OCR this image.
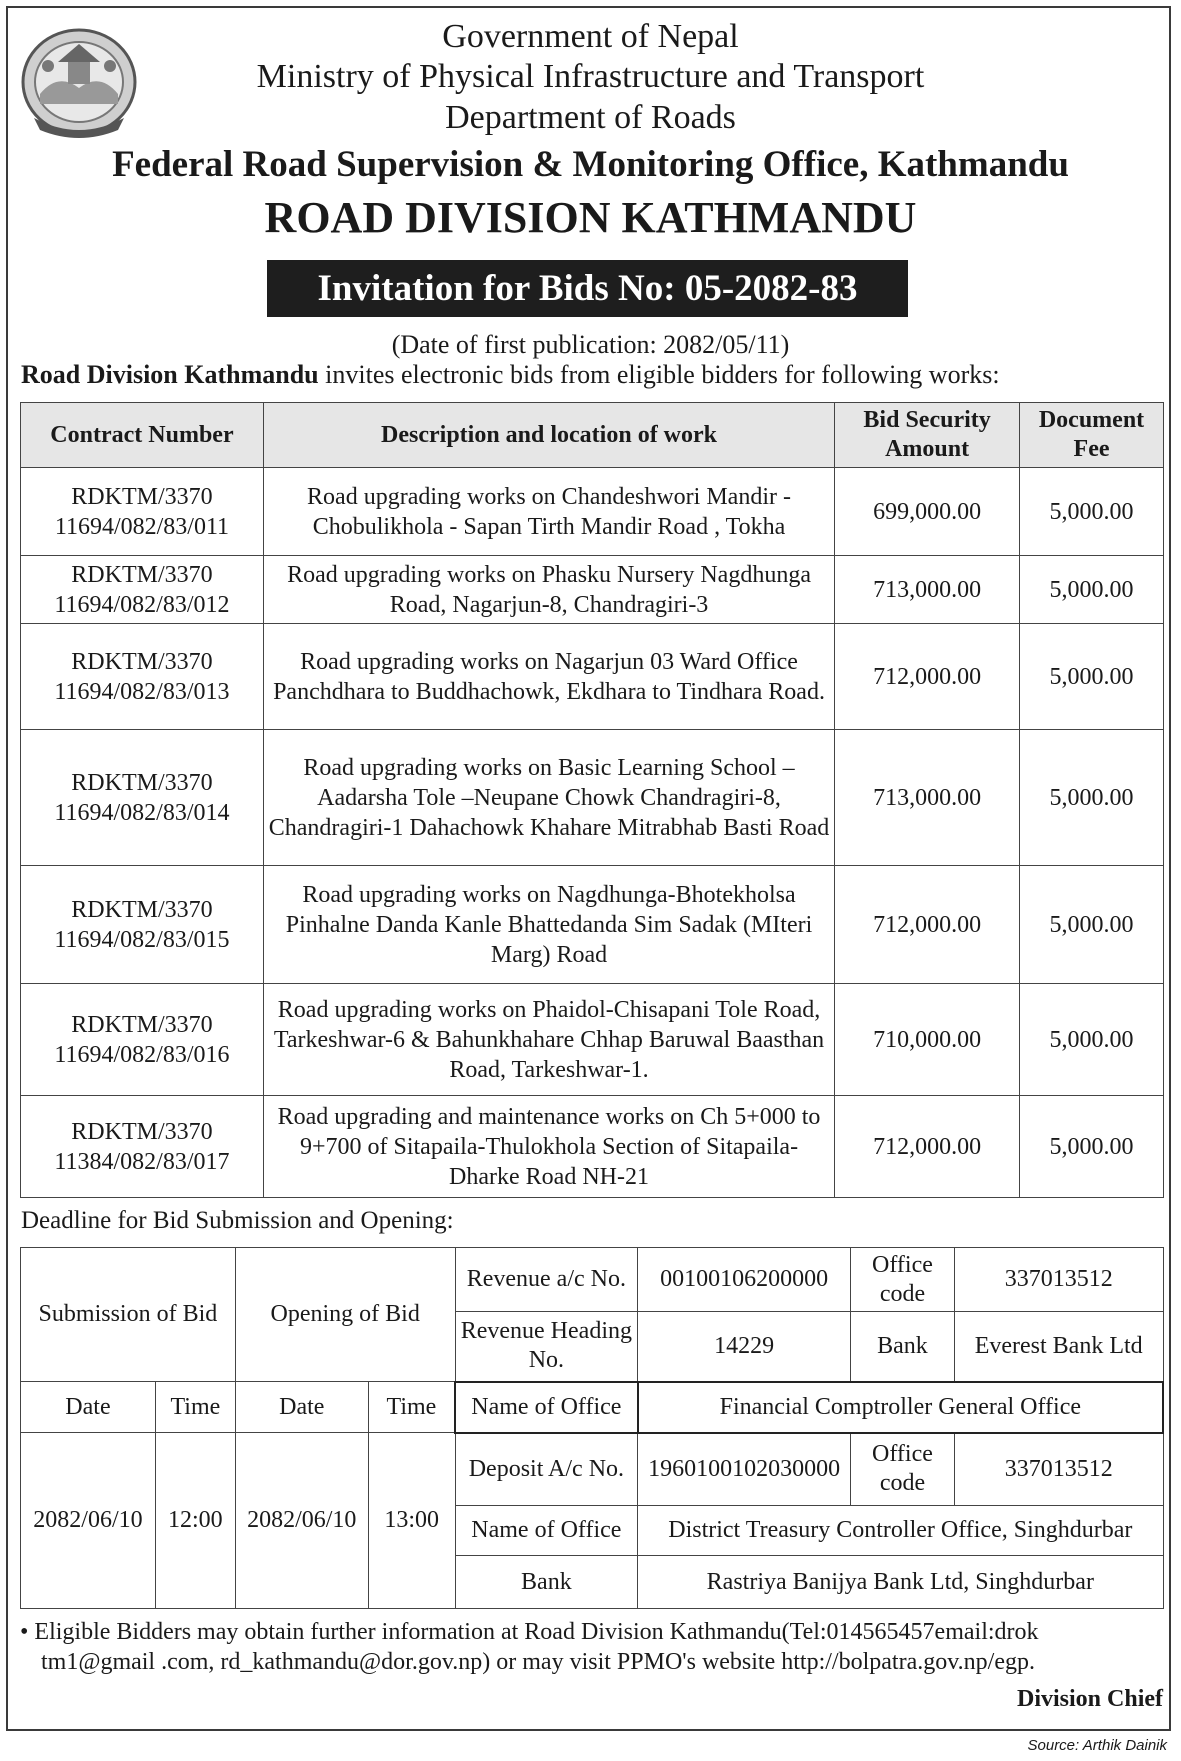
Government of Nepal
Ministry of Physical Infrastructure and Transport
Department of Roads
Federal Road Supervision & Monitoring Office, Kathmandu
ROAD DIVISION KATHMANDU
Invitation for Bids No: 05-2082-83
(Date of first publication: 2082/05/11)
Road Division Kathmandu invites electronic bids from eligible bidders for following works:
Contract Number	Description and location of work	Bid Security Amount	Document Fee

RDKTM/3370
11694/082/83/011	Road upgrading works on Chandeshwori Mandir - Chobulikhola - Sapan Tirth Mandir Road , Tokha	699,000.00	5,000.00

RDKTM/3370
11694/082/83/012	Road upgrading works on Phasku Nursery Nagdhunga Road, Nagarjun-8, Chandragiri-3	713,000.00	5,000.00

RDKTM/3370
11694/082/83/013	Road upgrading works on Nagarjun 03 Ward Office Panchdhara to Buddhachowk, Ekdhara to Tindhara Road.	712,000.00	5,000.00

RDKTM/3370
11694/082/83/014	Road upgrading works on Basic Learning School –Aadarsha Tole –Neupane Chowk Chandragiri-8, Chandragiri-1 Dahachowk Khahare Mitrabhab Basti Road	713,000.00	5,000.00

RDKTM/3370
11694/082/83/015	Road upgrading works on Nagdhunga-Bhotekholsa Pinhalne Danda Kanle Bhattedanda Sim Sadak (MIteri Marg) Road	712,000.00	5,000.00

RDKTM/3370
11694/082/83/016	Road upgrading works on Phaidol-Chisapani Tole Road, Tarkeshwar-6 & Bahunkhahare Chhap Baruwal Baasthan Road, Tarkeshwar-1.	710,000.00	5,000.00

RDKTM/3370
11384/082/83/017	Road upgrading and maintenance works on Ch 5+000 to 9+700 of Sitapaila-Thulokhola Section of Sitapaila-Dharke Road NH-21	712,000.00	5,000.00
Deadline for Bid Submission and Opening:
Submission of Bid		Opening of Bid		Revenue a/c No.	00100106200000	Office code	337013512
				Revenue Heading No.	14229	Bank	Everest Bank Ltd
Date	Time	Date	Time	Name of Office	Financial Comptroller General Office		
2082/06/10	12:00	2082/06/10	13:00	Deposit A/c No.	1960100102030000	Office code	337013512
				Name of Office	District Treasury Controller Office, Singhdurbar		
				Bank	Rastriya Banijya Bank Ltd, Singhdurbar		
• Eligible Bidders may obtain further information at Road Division Kathmandu(Tel:014565457email:drok
tm1@gmail .com, rd_kathmandu@dor.gov.np) or may visit PPMO's website http://bolpatra.gov.np/egp.
Division Chief
Source: Arthik Dainik
